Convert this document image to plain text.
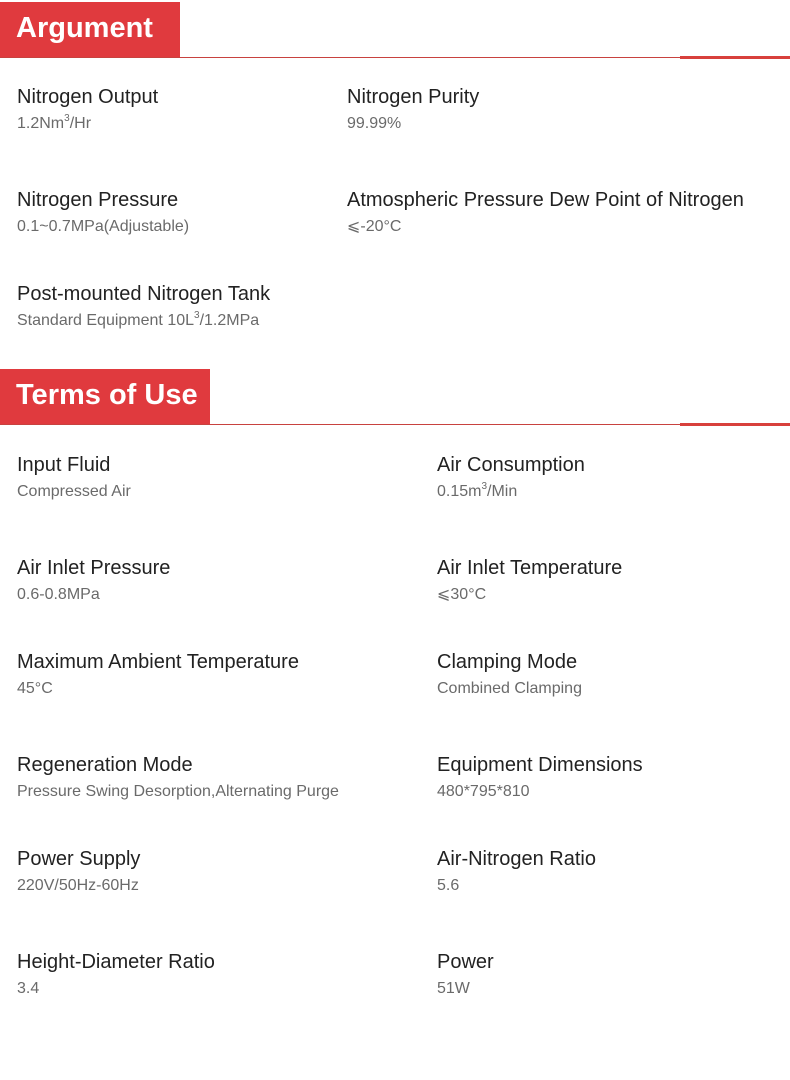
Argument
Nitrogen Output
1.2Nm$^3$/Hr
Nitrogen Purity
99.99%
Nitrogen Pressure
0.1~0.7MPa(Adjustable)
Atmospheric Pressure Dew Point of Nitrogen
⩽-20°C
Post-mounted Nitrogen Tank
Standard Equipment $10L^3/1.2MPa$
Terms of Use
Input Fluid
Compressed Air
Air Consumption
$0.15m^3$/Min
Air Inlet Pressure
0.6-0.8MPa
Air Inlet Temperature
⩽30°C
Maximum Ambient Temperature
45°C
Clamping Mode
Combined Clamping
Regeneration Mode
Pressure Swing Desorption,Alternating Purge
Equipment Dimensions
480*795*810
Power Supply
220V/50Hz-60Hz
Air-Nitrogen Ratio
5.6
Height-Diameter Ratio
3.4
Power
51W
